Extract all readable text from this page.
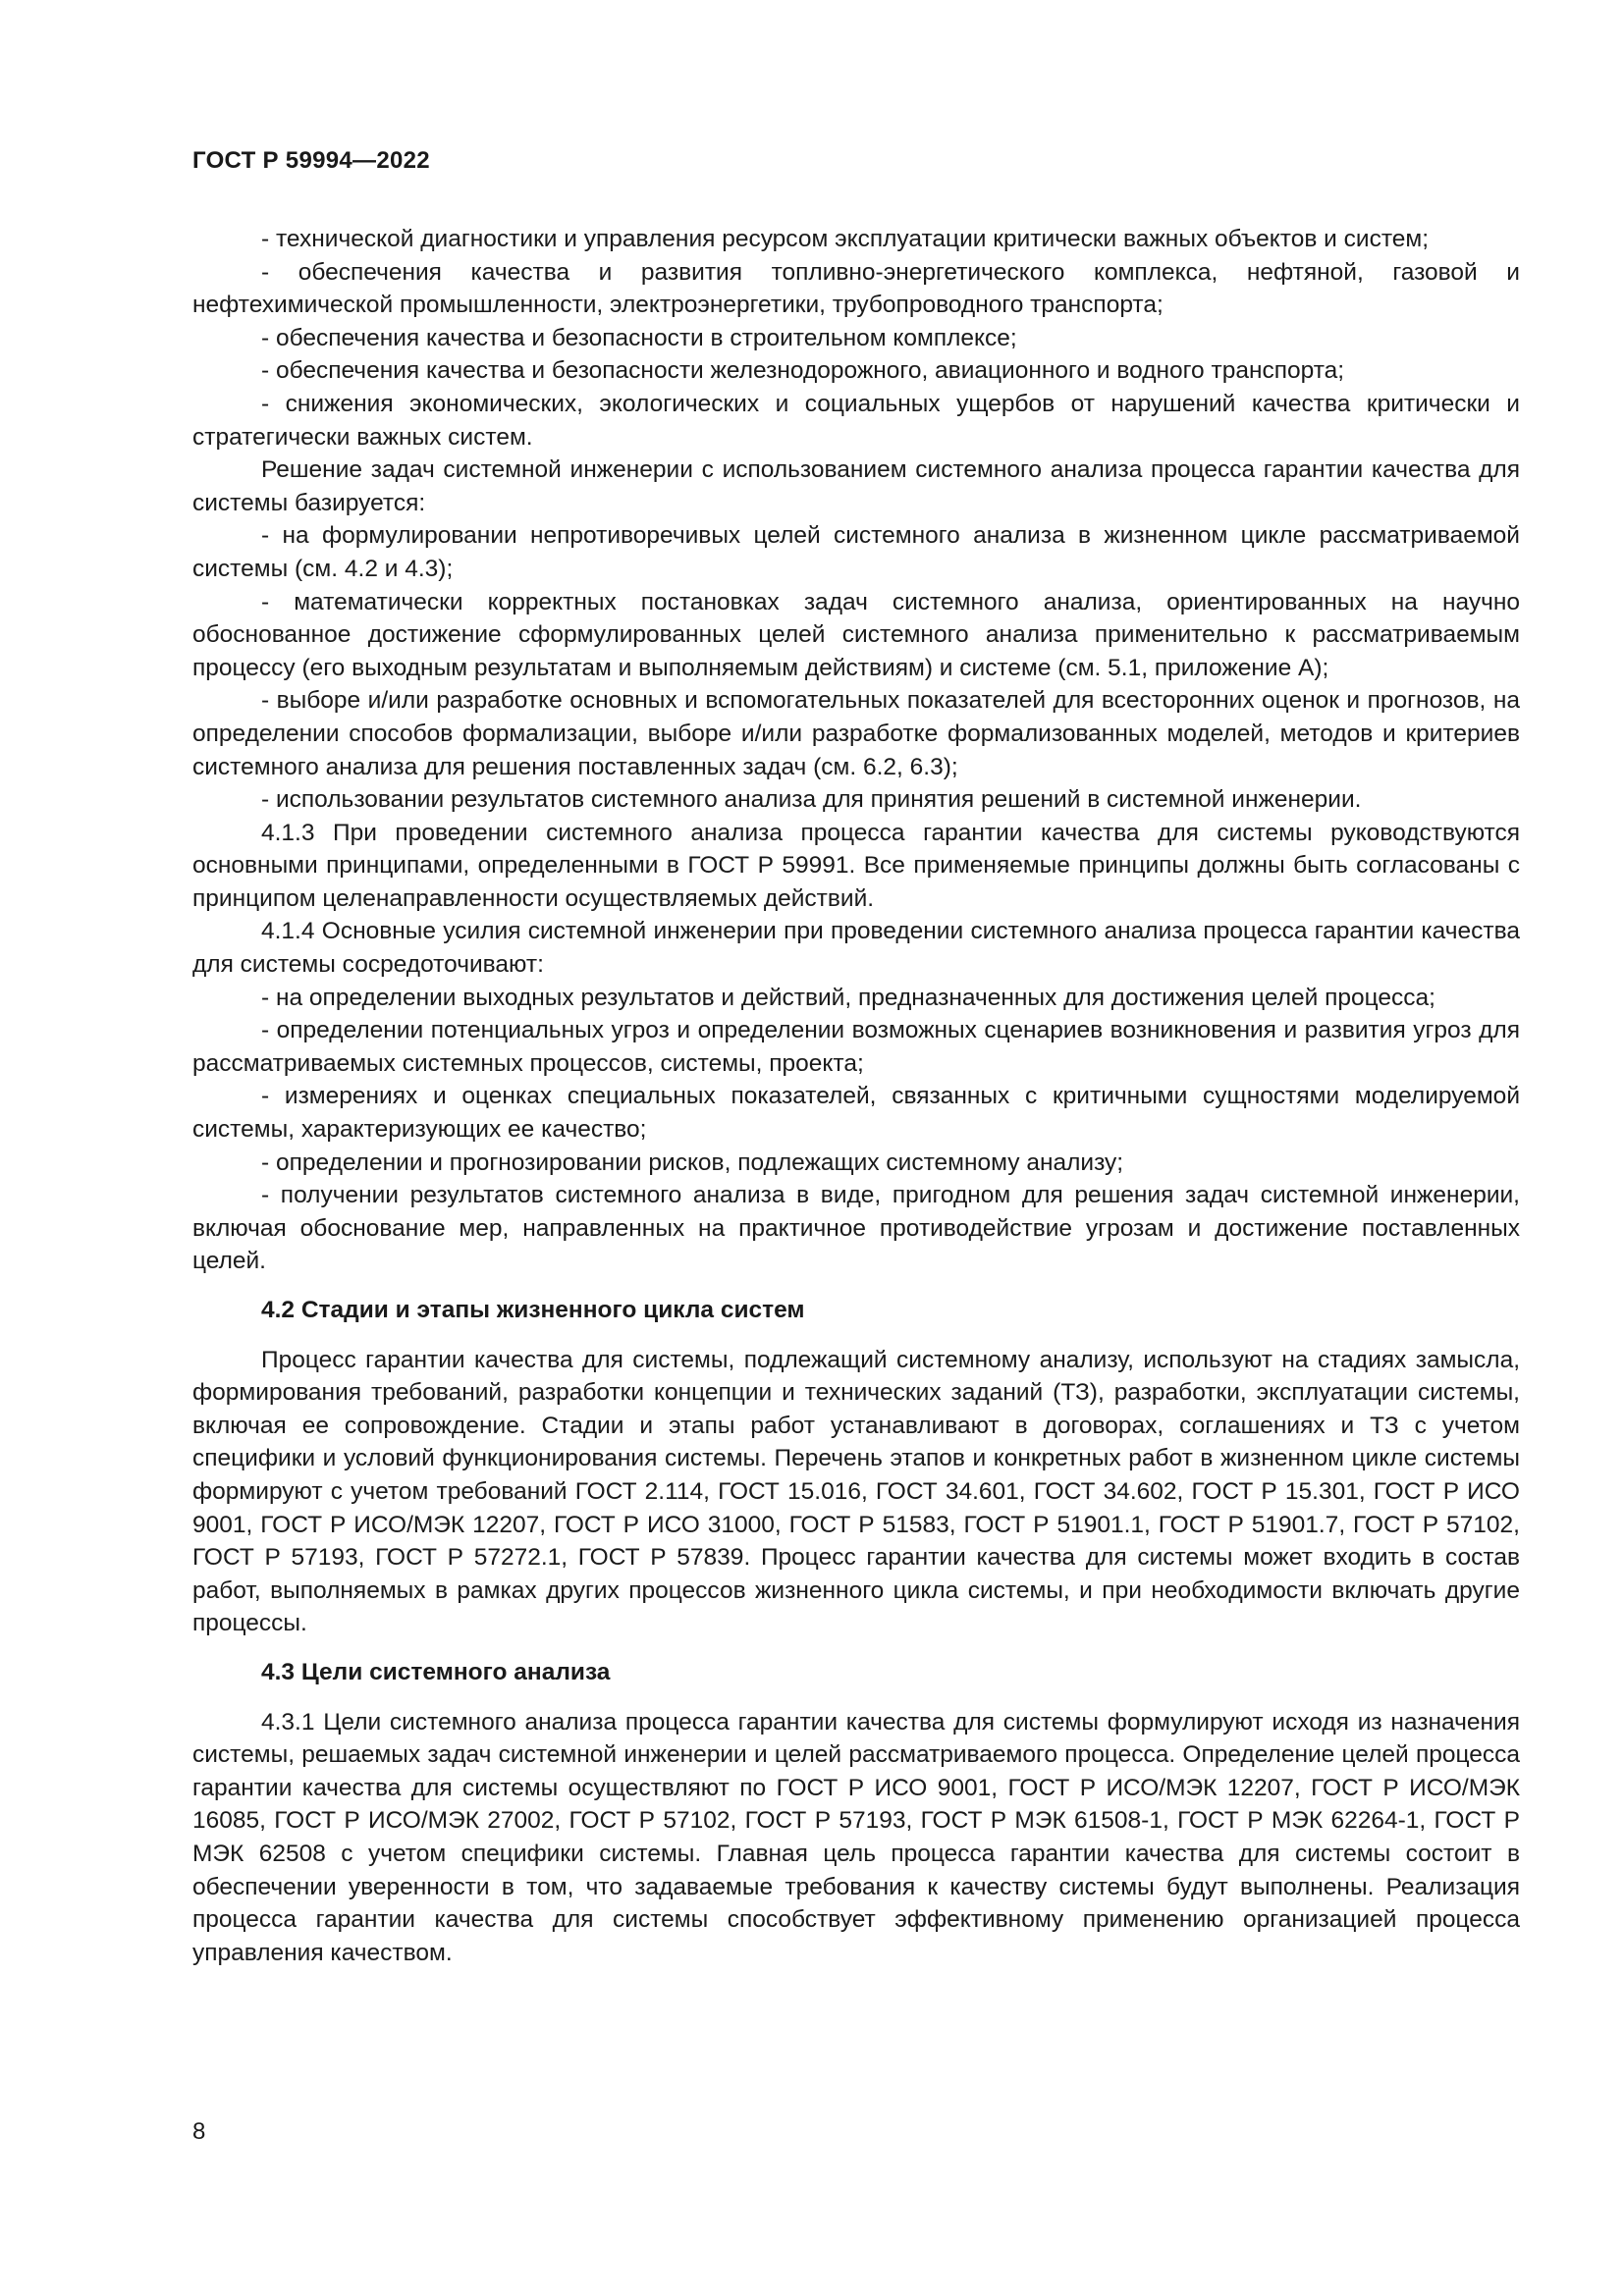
ГОСТ Р 59994—2022

- технической диагностики и управления ресурсом эксплуатации критически важных объектов и систем;

- обеспечения качества и развития топливно-энергетического комплекса, нефтяной, газовой и нефтехимической промышленности, электроэнергетики, трубопроводного транспорта;

- обеспечения качества и безопасности в строительном комплексе;

- обеспечения качества и безопасности железнодорожного, авиационного и водного транспорта;

- снижения экономических, экологических и социальных ущербов от нарушений качества критически и стратегически важных систем.

Решение задач системной инженерии с использованием системного анализа процесса гарантии качества для системы базируется:

- на формулировании непротиворечивых целей системного анализа в жизненном цикле рассматриваемой системы (см. 4.2 и 4.3);

- математически корректных постановках задач системного анализа, ориентированных на научно обоснованное достижение сформулированных целей системного анализа применительно к рассматриваемым процессу (его выходным результатам и выполняемым действиям) и системе (см. 5.1, приложение А);

- выборе и/или разработке основных и вспомогательных показателей для всесторонних оценок и прогнозов, на определении способов формализации, выборе и/или разработке формализованных моделей, методов и критериев системного анализа для решения поставленных задач (см. 6.2, 6.3);

- использовании результатов системного анализа для принятия решений в системной инженерии.

4.1.3 При проведении системного анализа процесса гарантии качества для системы руководствуются основными принципами, определенными в ГОСТ Р 59991. Все применяемые принципы должны быть согласованы с принципом целенаправленности осуществляемых действий.

4.1.4 Основные усилия системной инженерии при проведении системного анализа процесса гарантии качества для системы сосредоточивают:

- на определении выходных результатов и действий, предназначенных для достижения целей процесса;

- определении потенциальных угроз и определении возможных сценариев возникновения и развития угроз для рассматриваемых системных процессов, системы, проекта;

- измерениях и оценках специальных показателей, связанных с критичными сущностями моделируемой системы, характеризующих ее качество;

- определении и прогнозировании рисков, подлежащих системному анализу;

- получении результатов системного анализа в виде, пригодном для решения задач системной инженерии, включая обоснование мер, направленных на практичное противодействие угрозам и достижение поставленных целей.

4.2 Стадии и этапы жизненного цикла систем

Процесс гарантии качества для системы, подлежащий системному анализу, используют на стадиях замысла, формирования требований, разработки концепции и технических заданий (ТЗ), разработки, эксплуатации системы, включая ее сопровождение. Стадии и этапы работ устанавливают в договорах, соглашениях и ТЗ с учетом специфики и условий функционирования системы. Перечень этапов и конкретных работ в жизненном цикле системы формируют с учетом требований ГОСТ 2.114, ГОСТ 15.016, ГОСТ 34.601, ГОСТ 34.602, ГОСТ Р 15.301, ГОСТ Р ИСО 9001, ГОСТ Р ИСО/МЭК 12207, ГОСТ Р ИСО 31000, ГОСТ Р 51583, ГОСТ Р 51901.1, ГОСТ Р 51901.7, ГОСТ Р 57102, ГОСТ Р 57193, ГОСТ Р 57272.1, ГОСТ Р 57839. Процесс гарантии качества для системы может входить в состав работ, выполняемых в рамках других процессов жизненного цикла системы, и при необходимости включать другие процессы.

4.3 Цели системного анализа

4.3.1 Цели системного анализа процесса гарантии качества для системы формулируют исходя из назначения системы, решаемых задач системной инженерии и целей рассматриваемого процесса. Определение целей процесса гарантии качества для системы осуществляют по ГОСТ Р ИСО 9001, ГОСТ Р ИСО/МЭК 12207, ГОСТ Р ИСО/МЭК 16085, ГОСТ Р ИСО/МЭК 27002, ГОСТ Р 57102, ГОСТ Р 57193, ГОСТ Р МЭК 61508-1, ГОСТ Р МЭК 62264-1, ГОСТ Р МЭК 62508 с учетом специфики системы. Главная цель процесса гарантии качества для системы состоит в обеспечении уверенности в том, что задаваемые требования к качеству системы будут выполнены. Реализация процесса гарантии качества для системы способствует эффективному применению организацией процесса управления качеством.

8
